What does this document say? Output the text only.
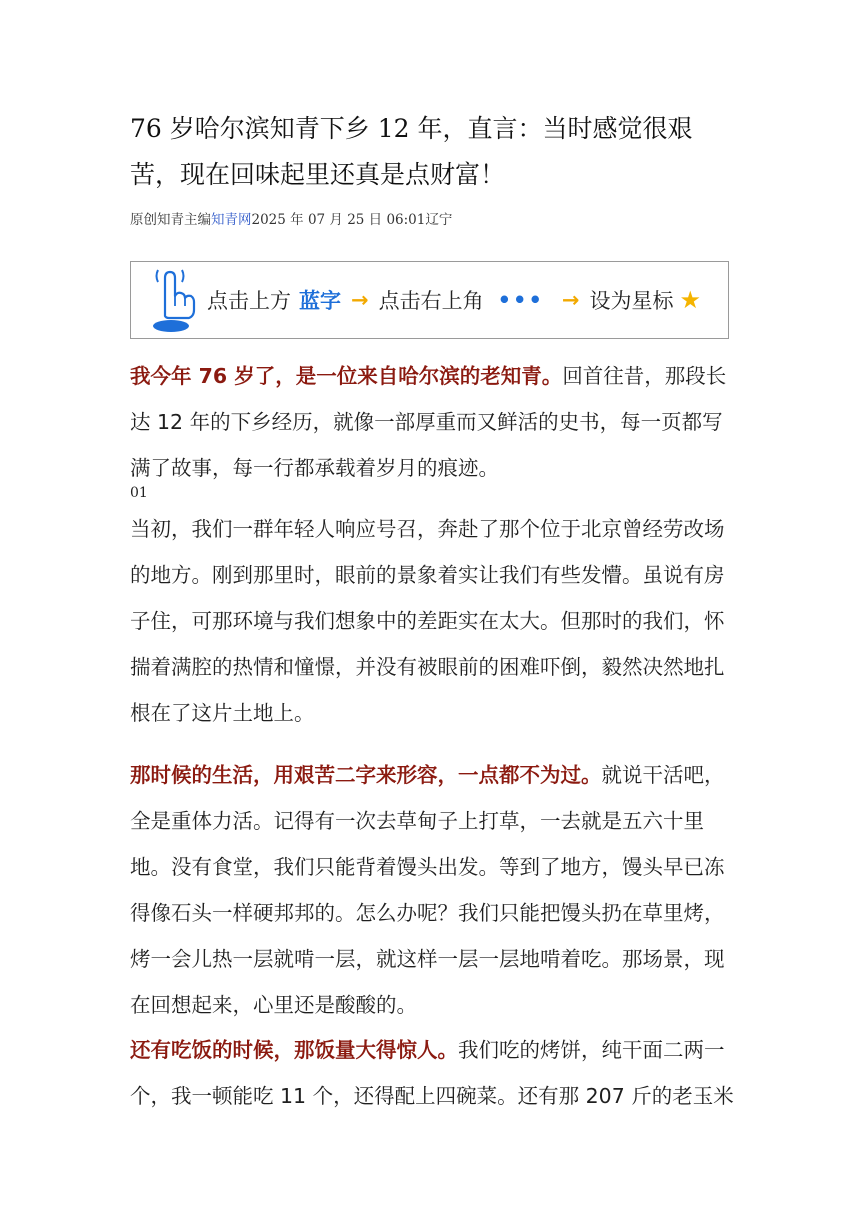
76 岁哈尔滨知青下乡 12 年，直言：当时感觉很艰苦，现在回味起里还真是点财富！
原创知青主编知青网2025 年 07 月 25 日 06:01辽宁
点击上方 蓝字 → 点击右上角 ••• → 设为星标 ★

我今年 76 岁了，是一位来自哈尔滨的老知青。回首往昔，那段长达 12 年的下乡经历，就像一部厚重而又鲜活的史书，每一页都写满了故事，每一行都承载着岁月的痕迹。

01

当初，我们一群年轻人响应号召，奔赴了那个位于北京曾经劳改场的地方。刚到那里时，眼前的景象着实让我们有些发懵。虽说有房子住，可那环境与我们想象中的差距实在太大。但那时的我们，怀揣着满腔的热情和憧憬，并没有被眼前的困难吓倒，毅然决然地扎根在了这片土地上。

那时候的生活，用艰苦二字来形容，一点都不为过。就说干活吧，全是重体力活。记得有一次去草甸子上打草，一去就是五六十里地。没有食堂，我们只能背着馒头出发。等到了地方，馒头早已冻得像石头一样硬邦邦的。怎么办呢？我们只能把馒头扔在草里烤，烤一会儿热一层就啃一层，就这样一层一层地啃着吃。那场景，现在回想起来，心里还是酸酸的。

还有吃饭的时候，那饭量大得惊人。我们吃的烤饼，纯干面二两一个，我一顿能吃 11 个，还得配上四碗菜。还有那 207 斤的老玉米
